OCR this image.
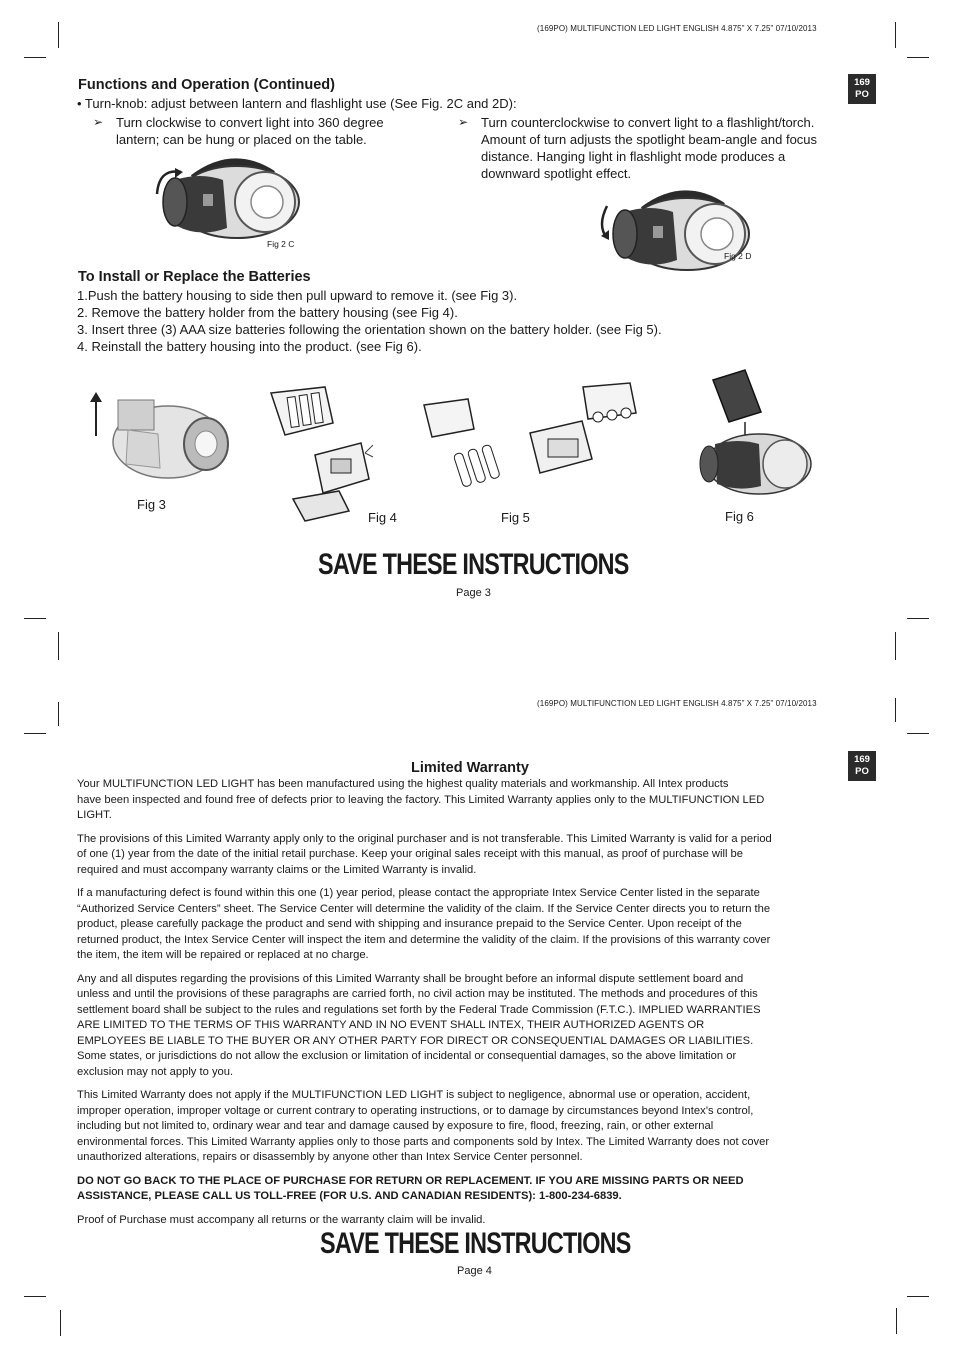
(169PO) MULTIFUNCTION LED LIGHT ENGLISH 4.875” X 7.25” 07/10/2013
169
PO
Functions and Operation (Continued)
• Turn-knob: adjust between lantern and flashlight use (See Fig. 2C and 2D):
➢ Turn clockwise to convert light into 360 degree
lantern; can be hung or placed on the table.
➢ Turn counterclockwise to convert light to a flashlight/torch.
Amount of turn adjusts the spotlight beam-angle and focus
distance. Hanging light in flashlight mode produces a
downward spotlight effect.
Fig 2 C
Fig 2 D
To Install or Replace the Batteries
1.Push the battery housing to side then pull upward to remove it. (see Fig 3).
2. Remove the battery holder from the battery housing (see Fig 4).
3. Insert three (3) AAA size batteries following the orientation shown on the battery holder. (see Fig 5).
4. Reinstall the battery housing into the product. (see Fig 6).
Fig 3
Fig 4	Fig 5	Fig 6
SAVE THESE INSTRUCTIONS
Page 3
(169PO) MULTIFUNCTION LED LIGHT ENGLISH 4.875” X 7.25” 07/10/2013
169
PO
Limited Warranty
Your MULTIFUNCTION LED LIGHT has been manufactured using the highest quality materials and workmanship. All Intex products
have been inspected and found free of defects prior to leaving the factory. This Limited Warranty applies only to the MULTIFUNCTION LED
LIGHT.
The provisions of this Limited Warranty apply only to the original purchaser and is not transferable. This Limited Warranty is valid for a period
of one (1) year from the date of the initial retail purchase. Keep your original sales receipt with this manual, as proof of purchase will be
required and must accompany warranty claims or the Limited Warranty is invalid.
If a manufacturing defect is found within this one (1) year period, please contact the appropriate Intex Service Center listed in the separate
“Authorized Service Centers” sheet. The Service Center will determine the validity of the claim. If the Service Center directs you to return the
product, please carefully package the product and send with shipping and insurance prepaid to the Service Center. Upon receipt of the
returned product, the Intex Service Center will inspect the item and determine the validity of the claim. If the provisions of this warranty cover
the item, the item will be repaired or replaced at no charge.
Any and all disputes regarding the provisions of this Limited Warranty shall be brought before an informal dispute settlement board and
unless and until the provisions of these paragraphs are carried forth, no civil action may be instituted. The methods and procedures of this
settlement board shall be subject to the rules and regulations set forth by the Federal Trade Commission (F.T.C.). IMPLIED WARRANTIES
ARE LIMITED TO THE TERMS OF THIS WARRANTY AND IN NO EVENT SHALL INTEX, THEIR AUTHORIZED AGENTS OR
EMPLOYEES BE LIABLE TO THE BUYER OR ANY OTHER PARTY FOR DIRECT OR CONSEQUENTIAL DAMAGES OR LIABILITIES.
Some states, or jurisdictions do not allow the exclusion or limitation of incidental or consequential damages, so the above limitation or
exclusion may not apply to you.
This Limited Warranty does not apply if the MULTIFUNCTION LED LIGHT is subject to negligence, abnormal use or operation, accident,
improper operation, improper voltage or current contrary to operating instructions, or to damage by circumstances beyond Intex’s control,
including but not limited to, ordinary wear and tear and damage caused by exposure to fire, flood, freezing, rain, or other external
environmental forces. This Limited Warranty applies only to those parts and components sold by Intex. The Limited Warranty does not cover
unauthorized alterations, repairs or disassembly by anyone other than Intex Service Center personnel.
DO NOT GO BACK TO THE PLACE OF PURCHASE FOR RETURN OR REPLACEMENT. IF YOU ARE MISSING PARTS OR NEED
ASSISTANCE, PLEASE CALL US TOLL-FREE (FOR U.S. AND CANADIAN RESIDENTS): 1-800-234-6839.
Proof of Purchase must accompany all returns or the warranty claim will be invalid.
SAVE THESE INSTRUCTIONS
Page 4
